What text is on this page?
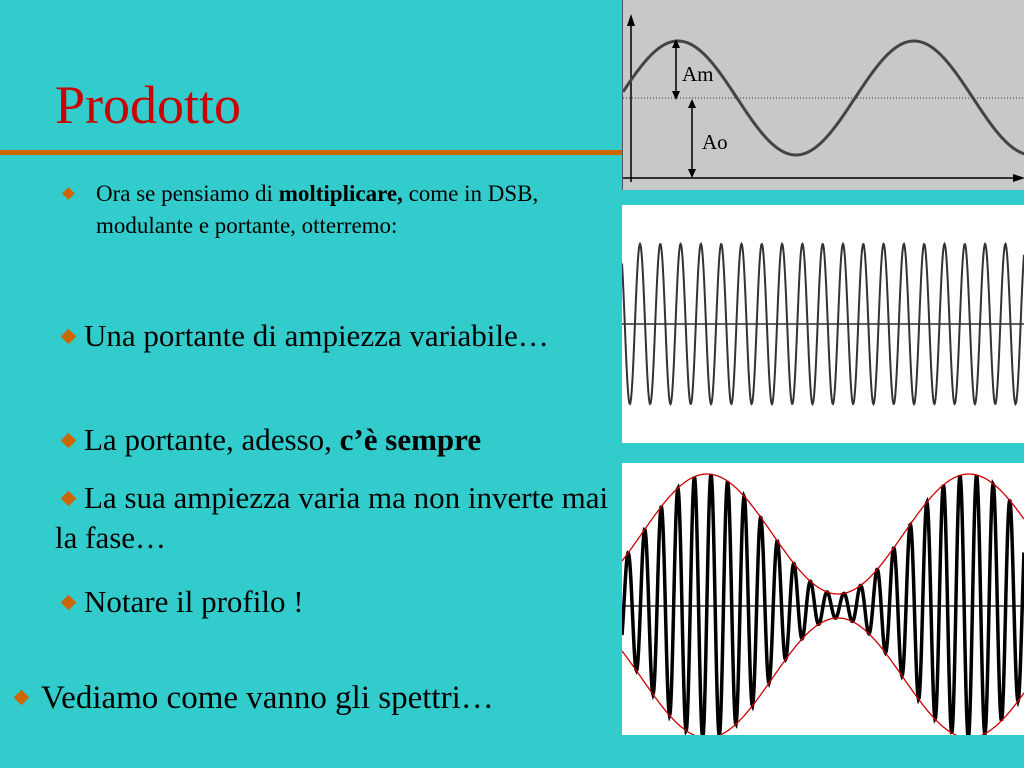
Prodotto
Ora se pensiamo di moltiplicare, come in DSB, modulante e portante, otterremo:
Una portante di ampiezza variabile…
La portante, adesso, c’è sempre
La sua ampiezza varia ma non inverte mai la fase…
Notare il profilo !
Vediamo come vanno gli spettri…
Am
Ao
